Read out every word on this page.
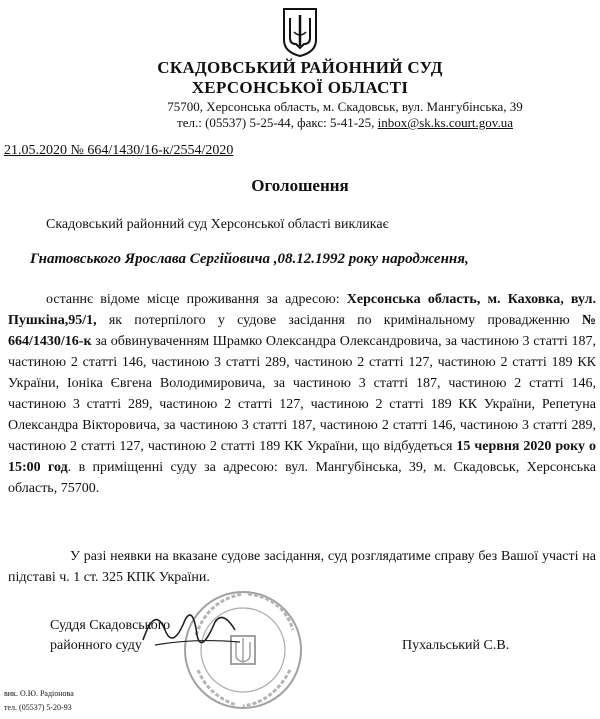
СКАДОВСЬКИЙ РАЙОННИЙ СУД
ХЕРСОНСЬКОЇ ОБЛАСТІ
75700, Херсонська область, м. Скадовськ, вул. Мангубінська, 39
тел.: (05537) 5-25-44, факс: 5-41-25, inbox@sk.ks.court.gov.ua
21.05.2020 № 664/1430/16-к/2554/2020
Оголошення
Скадовський районний суд Херсонської області викликає
Гнатовського Ярослава Сергійовича ,08.12.1992 року народження,
останнє відоме місце проживання за адресою: Херсонська область, м. Каховка, вул. Пушкіна,95/1, як потерпілого у судове засідання по кримінальному провадженню № 664/1430/16-к за обвинуваченням Шрамко Олександра Олександровича, за частиною 3 статті 187, частиною 2 статті 146, частиною 3 статті 289, частиною 2 статті 127, частиною 2 статті 189 КК України, Іоніка Євгена Володимировича, за частиною 3 статті 187, частиною 2 статті 146, частиною 3 статті 289, частиною 2 статті 127, частиною 2 статті 189 КК України, Репетуна Олександра Вікторовича, за частиною 3 статті 187, частиною 2 статті 146, частиною 3 статті 289, частиною 2 статті 127, частиною 2 статті 189 КК України, що відбудеться 15 червня 2020 року о 15:00 год. в приміщенні суду за адресою: вул. Мангубінська, 39, м. Скадовськ, Херсонська область, 75700.
У разі неявки на вказане судове засідання, суд розглядатиме справу без Вашої участі на підставі ч. 1 ст. 325 КПК України.
Суддя Скадовського
районного суду	Пухальський С.В.
вик. О.Ю. Радіонова
тел. (05537) 5-20-93
